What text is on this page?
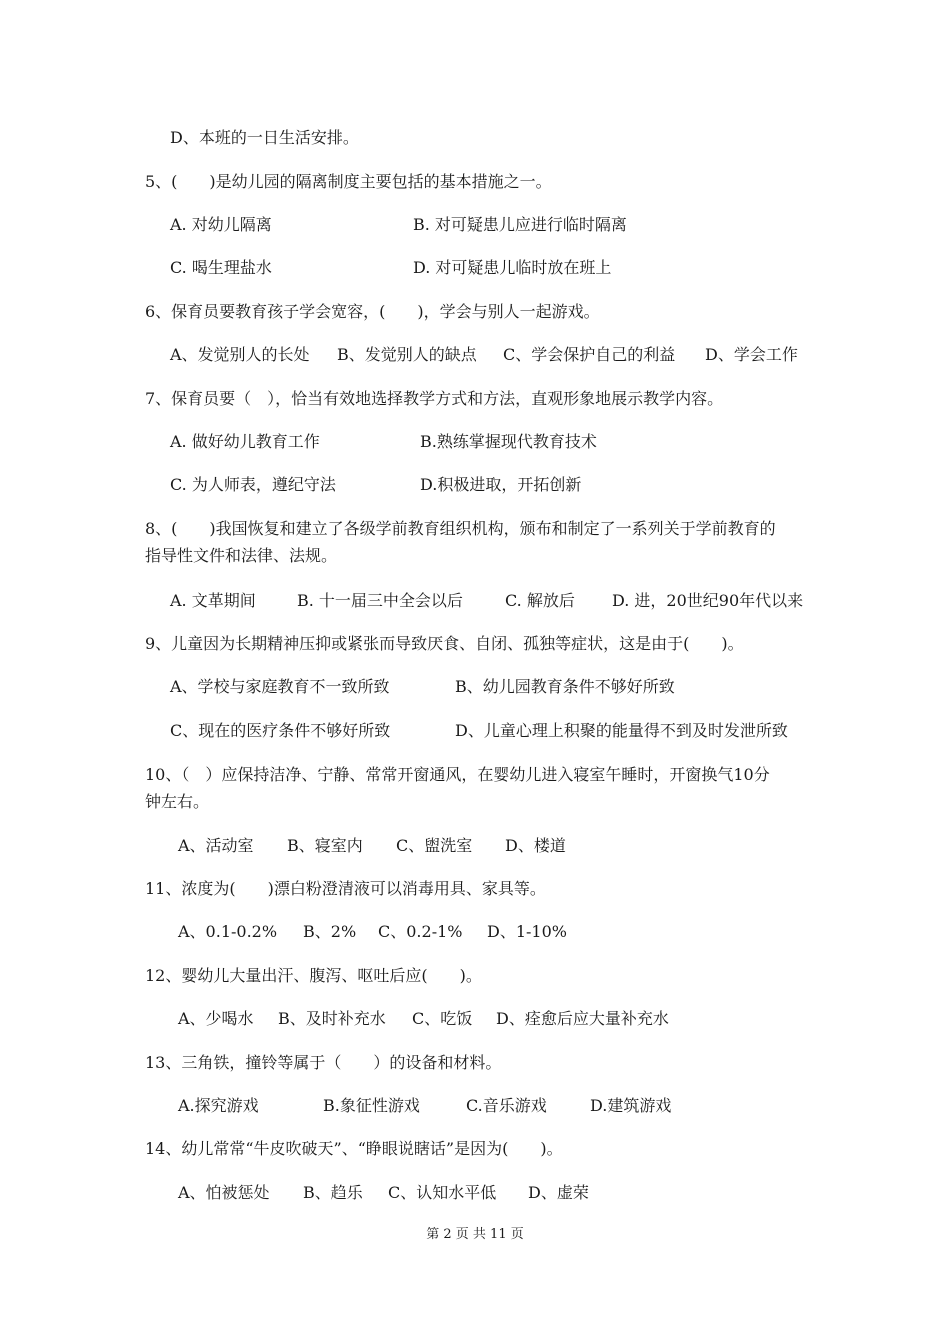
D、本班的一日生活安排。
5、(　　)是幼儿园的隔离制度主要包括的基本措施之一。
A. 对幼儿隔离	B. 对可疑患儿应进行临时隔离
C. 喝生理盐水	D. 对可疑患儿临时放在班上
6、保育员要教育孩子学会宽容，(　　)，学会与别人一起游戏。
A、发觉别人的长处 B、发觉别人的缺点 C、学会保护自己的利益 D、学会工作
7、保育员要（　），恰当有效地选择教学方式和方法，直观形象地展示教学内容。
A. 做好幼儿教育工作	B.熟练掌握现代教育技术
C. 为人师表，遵纪守法	D.积极进取，开拓创新
8、(　　)我国恢复和建立了各级学前教育组织机构，颁布和制定了一系列关于学前教育的
指导性文件和法律、法规。
A. 文革期间	B. 十一届三中全会以后	C. 解放后 D. 进，20世纪90年代以来
9、儿童因为长期精神压抑或紧张而导致厌食、自闭、孤独等症状，这是由于(　　)。
A、学校与家庭教育不一致所致	B、幼儿园教育条件不够好所致
C、现在的医疗条件不够好所致	D、儿童心理上积聚的能量得不到及时发泄所致
10、（　）应保持洁净、宁静、常常开窗通风，在婴幼儿进入寝室午睡时，开窗换气10分
钟左右。
A、活动室 B、寝室内 C、盥洗室 D、楼道
11、浓度为(　　)漂白粉澄清液可以消毒用具、家具等。
A、0.1-0.2% B、2% C、0.2-1% D、1-10%
12、婴幼儿大量出汗、腹泻、呕吐后应(　　)。
A、少喝水 B、及时补充水 C、吃饭 D、痊愈后应大量补充水
13、三角铁，撞铃等属于（　　）的设备和材料。
A.探究游戏	B.象征性游戏	C.音乐游戏	D.建筑游戏
14、幼儿常常“牛皮吹破天”、“睁眼说瞎话”是因为(　　)。
A、怕被惩处 B、趋乐 C、认知水平低 D、虚荣
第 2 页 共 11 页
